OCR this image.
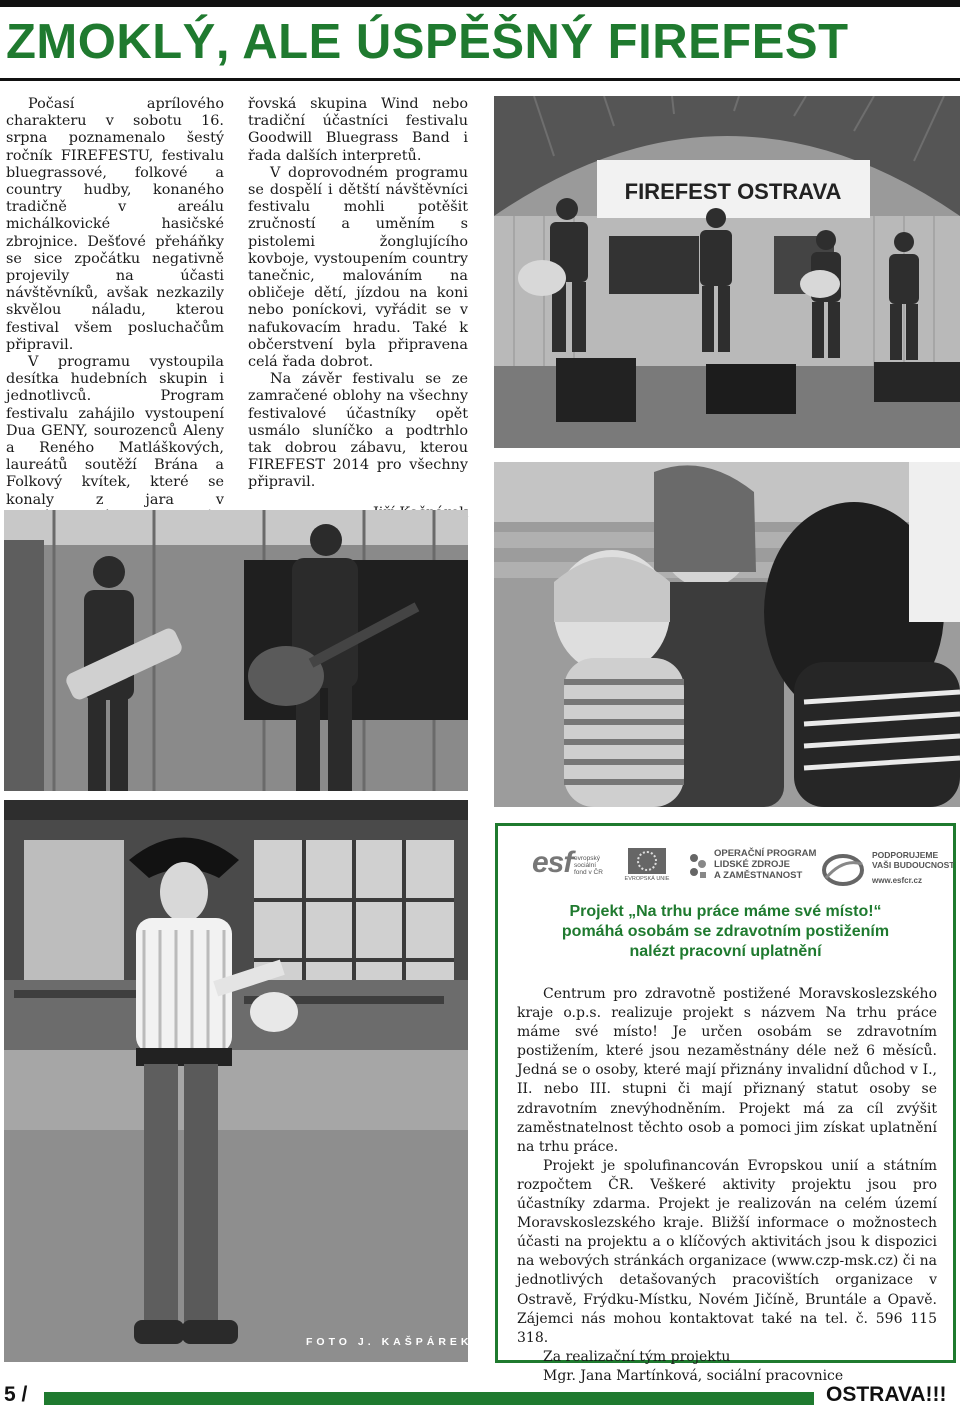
ZMOKLÝ, ALE ÚSPĚŠNÝ FIREFEST

Počasí aprílového charakteru v sobotu 16. srpna poznamenalo šestý ročník FIREFESTU, festivalu bluegrassové, folkové a country hudby, konaného tradičně v areálu michálkovické hasičské zbrojnice. Dešťové přeháňky se sice zpočátku negativně projevily na účasti návštěvníků, avšak nezkazily skvělou náladu, kterou festival všem posluchačům připravil.

V programu vystoupila desítka hudebních skupin i jednotlivců. Program festivalu zahájilo vystoupení Dua GENY, sourozenců Aleny a Reného Matláškových, laureátů soutěží Brána a Folkový kvítek, které se konaly z jara v

řovská skupina Wind nebo tradiční účastníci festivalu Goodwill Bluegrass Band i řada dalších interpretů.

V doprovodném programu se dospělí i dětští návštěvníci festivalu mohli potěšit zručností a uměním s pistolemi žonglujícího kovboje, vystoupením country tanečnic, malováním na obličeje dětí, jízdou na koni nebo poníckovi, vyřádit se v nafukovacím hradu. Také k občerstvení byla připravena celá řada dobrot.

Na závěr festivalu se ze zamračené oblohy na všechny festivalové účastníky opět usmálo sluníčko a podtrhlo tak dobrou zábavu, kterou FIREFEST 2014 pro všechny připravil.

FIREFEST OSTRAVA
FOTO J. KAŠPÁREK
esf evropský
sociální
fond v ČR
EVROPSKÁ UNIE
OPERAČNÍ PROGRAM
LIDSKÉ ZDROJE
A ZAMĚSTNANOST
PODPORUJEME
VAŠI BUDOUCNOST
www.esfcr.cz
Projekt „Na trhu práce máme své místo!“
pomáhá osobám se zdravotním postižením
nalézt pracovní uplatnění

Centrum pro zdravotně postižené Moravskoslezského kraje o.p.s. realizuje projekt s názvem Na trhu práce máme své místo! Je určen osobám se zdravotním postižením, které jsou nezaměstnány déle než 6 měsíců. Jedná se o osoby, které mají přiznány invalidní důchod v I., II. nebo III. stupni či mají přiznaný statut osoby se zdravotním znevýhodněním. Projekt má za cíl zvýšit zaměstnatelnost těchto osob a pomoci jim získat uplatnění na trhu práce.

Projekt je spolufinancován Evropskou unií a státním rozpočtem ČR. Veškeré aktivity projektu jsou pro účastníky zdarma. Projekt je realizován na celém území Moravskoslezského kraje. Bližší informace o možnostech účasti na projektu a o klíčových aktivitách jsou k dispozici na webových stránkách organizace (www.czp-msk.cz) či na jednotlivých detašovaných pracovištích organizace v Ostravě, Frýdku-Místku, Novém Jičíně, Bruntále a Opavě. Zájemci nás mohou kontaktovat také na tel. č. 596 115 318.

Za realizační tým projektu

Mgr. Jana Martínková, sociální pracovnice

5 /	OSTRAVA!!!
